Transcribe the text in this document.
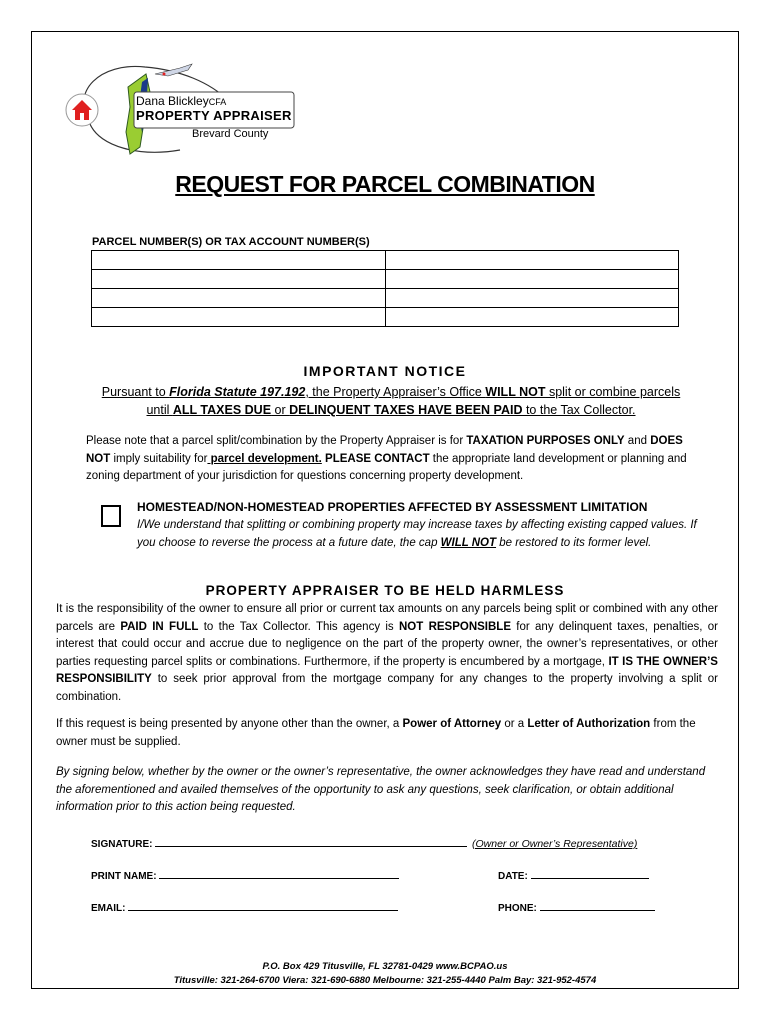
Dana BlickleyCFA
PROPERTY APPRAISER
Brevard County
REQUEST FOR PARCEL COMBINATION
PARCEL NUMBER(S) OR TAX ACCOUNT NUMBER(S)

IMPORTANT NOTICE
Pursuant to Florida Statute 197.192, the Property Appraiser’s Office WILL NOT split or combine parcels until ALL TAXES DUE or DELINQUENT TAXES HAVE BEEN PAID to the Tax Collector.
Please note that a parcel split/combination by the Property Appraiser is for TAXATION PURPOSES ONLY and DOES NOT imply suitability for parcel development. PLEASE CONTACT the appropriate land development or planning and zoning department of your jurisdiction for questions concerning property development.
HOMESTEAD/NON-HOMESTEAD PROPERTIES AFFECTED BY ASSESSMENT LIMITATION
I/We understand that splitting or combining property may increase taxes by affecting existing capped values. If you choose to reverse the process at a future date, the cap WILL NOT be restored to its former level.
PROPERTY APPRAISER TO BE HELD HARMLESS
It is the responsibility of the owner to ensure all prior or current tax amounts on any parcels being split or combined with any other parcels are PAID IN FULL to the Tax Collector. This agency is NOT RESPONSIBLE for any delinquent taxes, penalties, or interest that could occur and accrue due to negligence on the part of the property owner, the owner’s representatives, or other parties requesting parcel splits or combinations. Furthermore, if the property is encumbered by a mortgage, IT IS THE OWNER’S RESPONSIBILITY to seek prior approval from the mortgage company for any changes to the property involving a split or combination.
If this request is being presented by anyone other than the owner, a Power of Attorney or a Letter of Authorization from the owner must be supplied.
By signing below, whether by the owner or the owner’s representative, the owner acknowledges they have read and understand the aforementioned and availed themselves of the opportunity to ask any questions, seek clarification, or obtain additional information prior to this action being requested.
SIGNATURE:	(Owner or Owner’s Representative)
PRINT NAME:	DATE:
EMAIL:	PHONE:
P.O. Box 429 Titusville, FL 32781-0429 www.BCPAO.us
Titusville: 321-264-6700 Viera: 321-690-6880 Melbourne: 321-255-4440 Palm Bay: 321-952-4574
